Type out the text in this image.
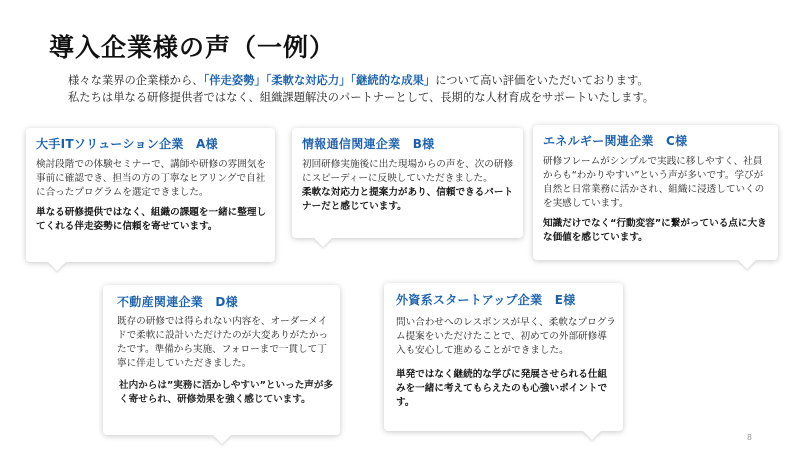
導入企業様の声（一例）
様々な業界の企業様から、「伴走姿勢」「柔軟な対応力」「継続的な成果」について高い評価をいただいております。
私たちは単なる研修提供者ではなく、組織課題解決のパートナーとして、長期的な人材育成をサポートいたします。
大手ITソリューション企業　A様

検討段階での体験セミナーで、講師や研修の雰囲気を事前に確認でき、担当の方の丁寧なヒアリングで自社に合ったプログラムを選定できました。

単なる研修提供ではなく、組織の課題を一緒に整理してくれる伴走姿勢に信頼を寄せています。

情報通信関連企業　B様

初回研修実施後に出た現場からの声を、次の研修にスピーディーに反映していただきました。

柔軟な対応力と提案力があり、信頼できるパートナーだと感じています。

エネルギー関連企業　C様

研修フレームがシンプルで実践に移しやすく、社員からも“わかりやすい”という声が多いです。学びが自然と日常業務に活かされ、組織に浸透していくのを実感しています。

知識だけでなく“行動変容”に繋がっている点に大きな価値を感じています。

不動産関連企業　D様

既存の研修では得られない内容を、オーダーメイドで柔軟に設計いただけたのが大変ありがたかったです。準備から実施、フォローまで一貫して丁寧に伴走していただきました。

社内からは”実務に活かしやすい”といった声が多く寄せられ、研修効果を強く感じています。

外資系スタートアップ企業　E様

問い合わせへのレスポンスが早く、柔軟なプログラム提案をいただけたことで、初めての外部研修導入も安心して進めることができました。

単発ではなく継続的な学びに発展させられる仕組みを一緒に考えてもらえたのも心強いポイントです。

8
